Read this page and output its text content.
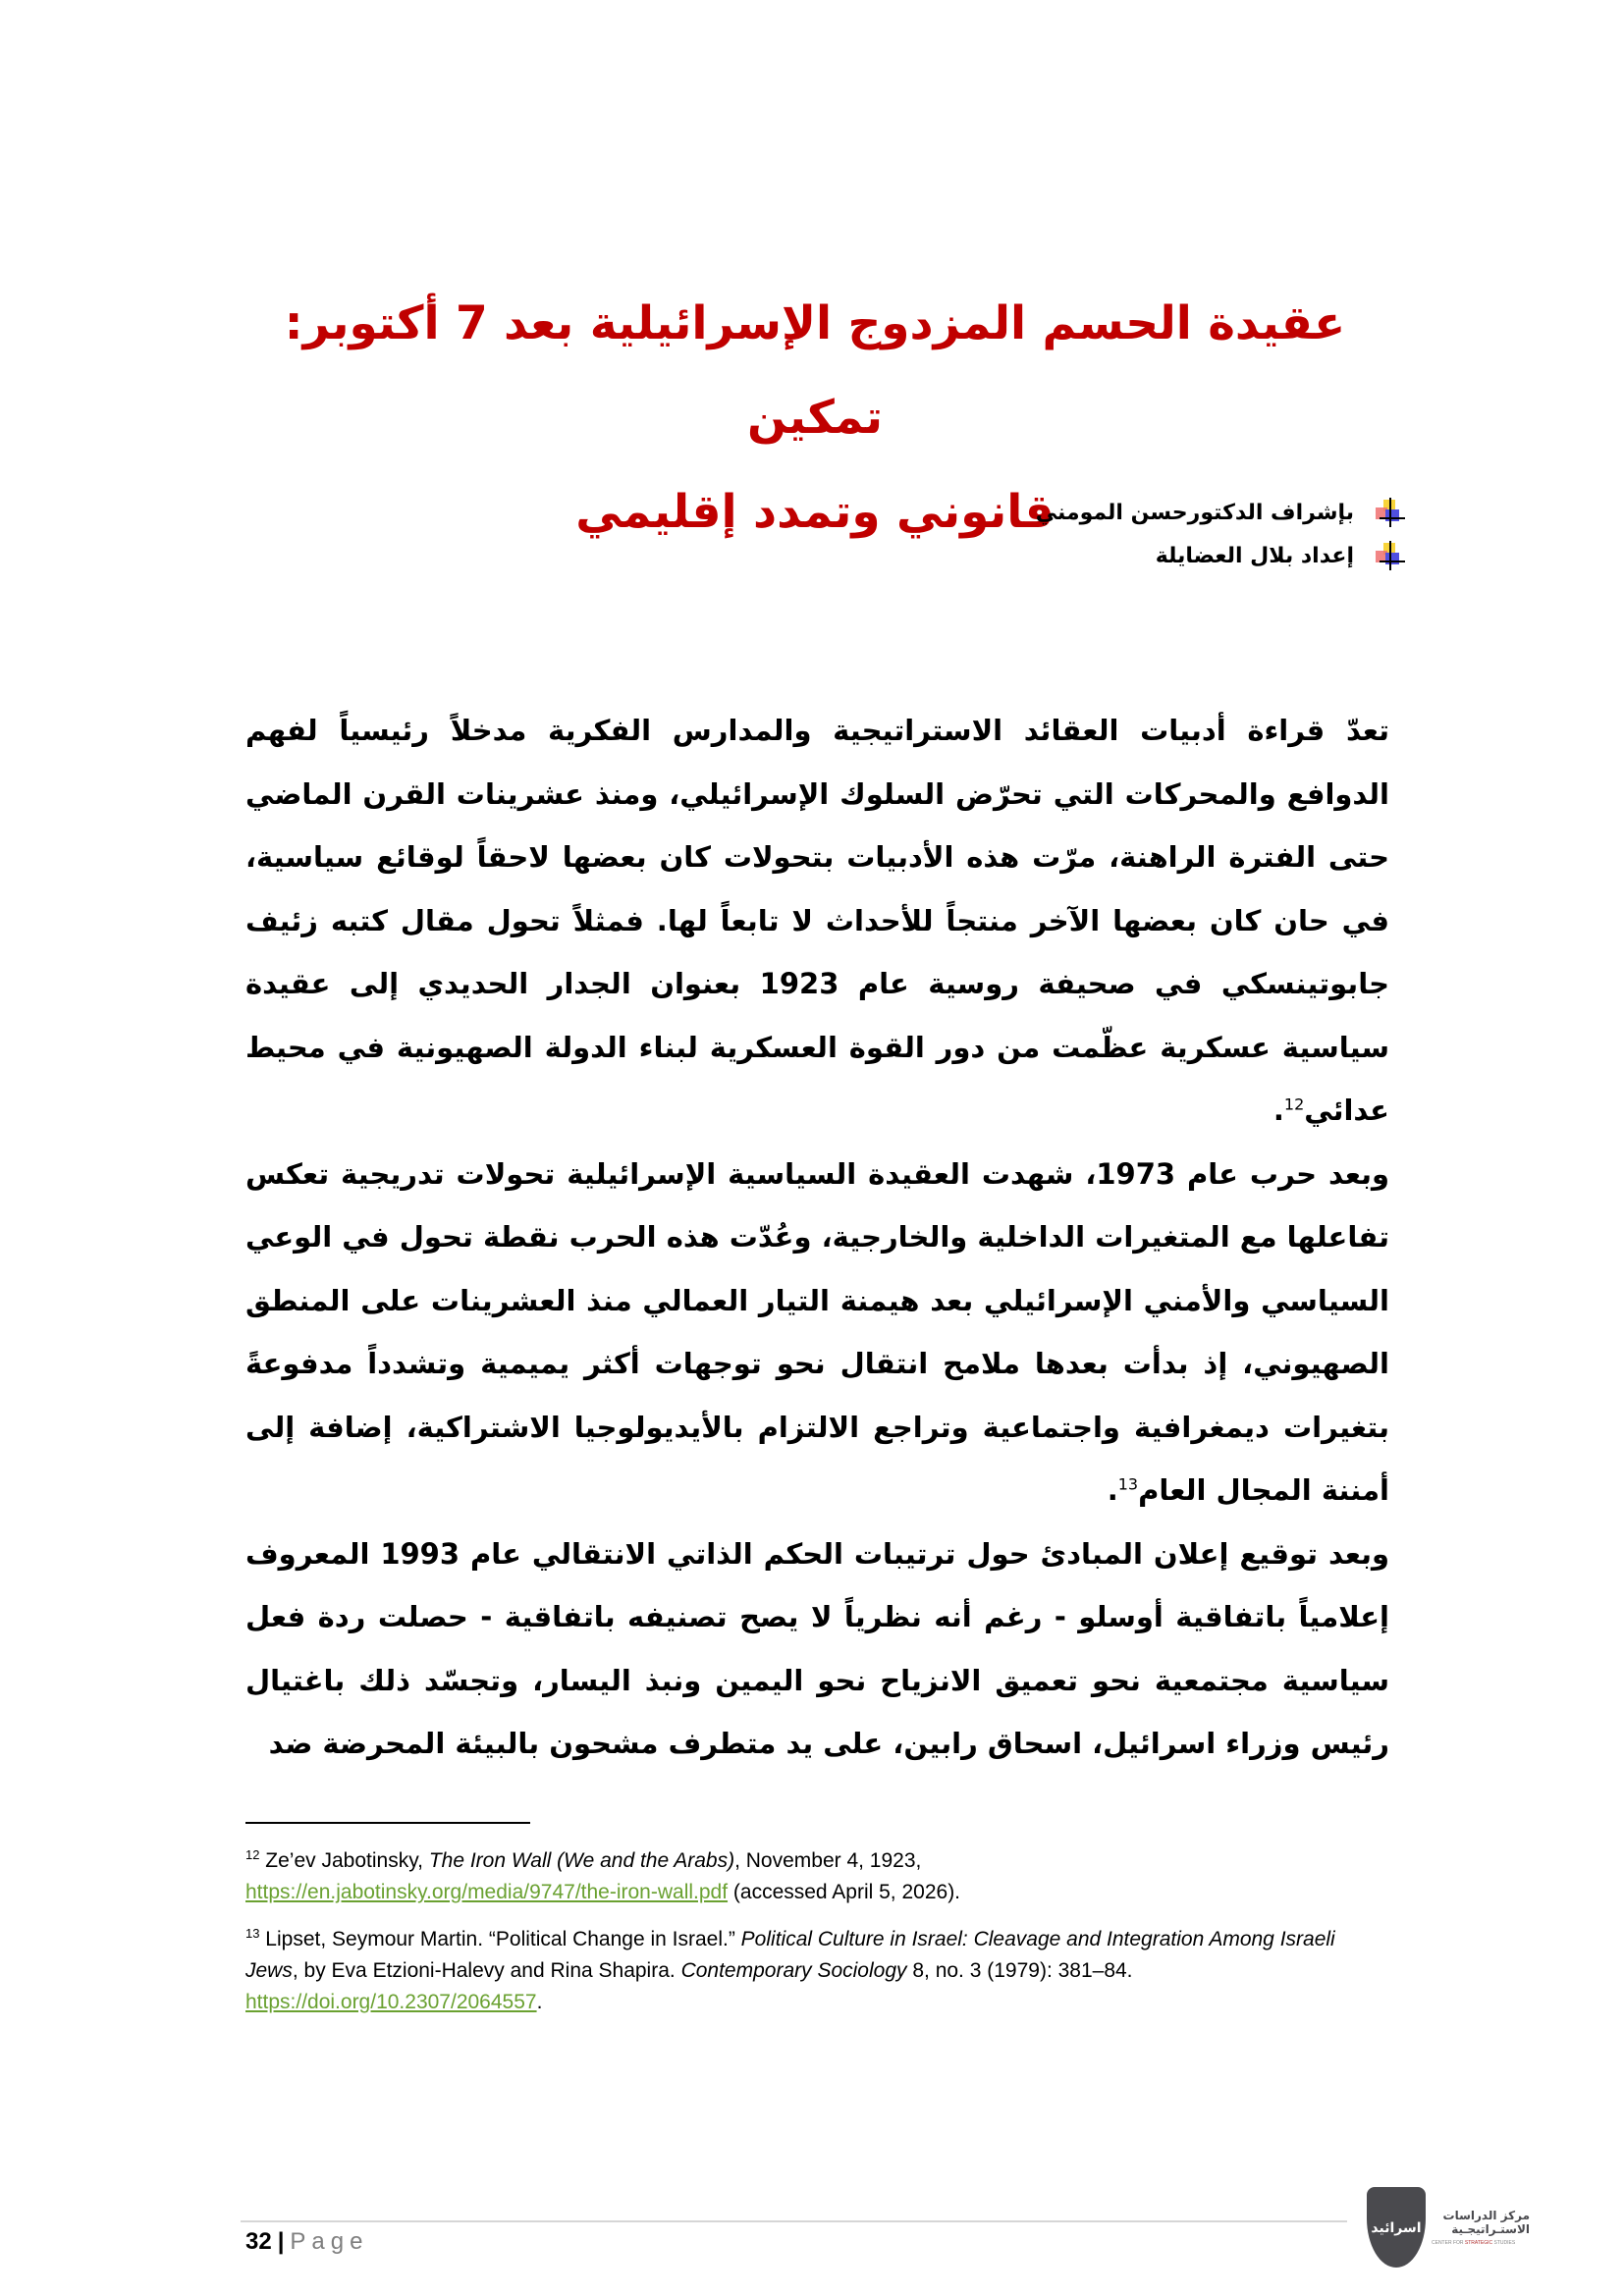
عقيدة الحسم المزدوج الإسرائيلية بعد 7 أكتوبر: تمكين
قانوني وتمدد إقليمي
بإشراف الدكتورحسن المومني
إعداد بلال العضايلة

تعدّ قراءة أدبيات العقائد الاستراتيجية والمدارس الفكرية مدخلاً رئيسياً لفهم الدوافع والمحركات التي تحرّض السلوك الإسرائيلي، ومنذ عشرينات القرن الماضي حتى الفترة الراهنة، مرّت هذه الأدبيات بتحولات كان بعضها لاحقاً لوقائع سياسية، في حان كان بعضها الآخر منتجاً للأحداث لا تابعاً لها. فمثلاً تحول مقال كتبه زئيف جابوتينسكي في صحيفة روسية عام 1923 بعنوان الجدار الحديدي إلى عقيدة سياسية عسكرية عظّمت من دور القوة العسكرية لبناء الدولة الصهيونية في محيط عدائي$^{12}$.

وبعد حرب عام 1973، شهدت العقيدة السياسية الإسرائيلية تحولات تدريجية تعكس تفاعلها مع المتغيرات الداخلية والخارجية، وعُدّت هذه الحرب نقطة تحول في الوعي السياسي والأمني الإسرائيلي بعد هيمنة التيار العمالي منذ العشرينات على المنطق الصهيوني، إذ بدأت بعدها ملامح انتقال نحو توجهات أكثر يميمية وتشدداً مدفوعةً بتغيرات ديمغرافية واجتماعية وتراجع الالتزام بالأيديولوجيا الاشتراكية، إضافة إلى أمننة المجال العام$^{13}$.

وبعد توقيع إعلان المبادئ حول ترتيبات الحكم الذاتي الانتقالي عام 1993 المعروف إعلامياً باتفاقية أوسلو - رغم أنه نظرياً لا يصح تصنيفه باتفاقية - حصلت ردة فعل سياسية مجتمعية نحو تعميق الانزياح نحو اليمين ونبذ اليسار، وتجسّد ذلك باغتيال رئيس وزراء اسرائيل، اسحاق رابين، على يد متطرف مشحون بالبيئة المحرضة ضد

$^{12}$ Ze’ev Jabotinsky, The Iron Wall (We and the Arabs), November 4, 1923,
https://en.jabotinsky.org/media/9747/the-iron-wall.pdf (accessed April 5, 2026).

$^{13}$ Lipset, Seymour Martin. “Political Change in Israel.” Political Culture in Israel: Cleavage and Integration Among Israeli Jews, by Eva Etzioni-Halevy and Rina Shapira. Contemporary Sociology 8, no. 3 (1979): 381–84. https://doi.org/10.2307/2064557.

32 | Page	اسرائيد
مركز الدراسات
الاستـراتيجـية
CENTER FOR STRATEGIC STUDIES
